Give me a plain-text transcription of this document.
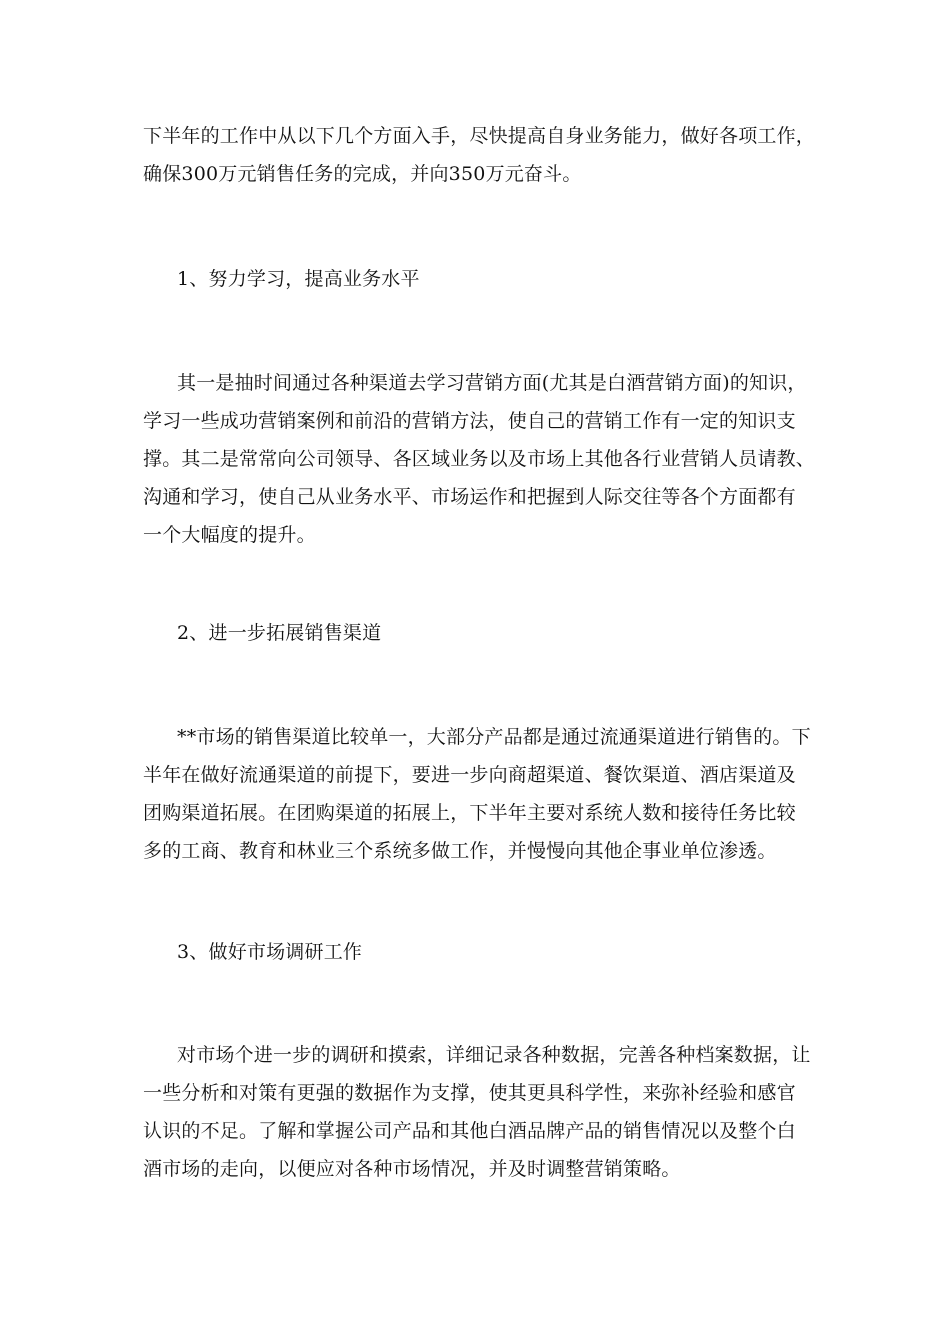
下半年的工作中从以下几个方面入手，尽快提高自身业务能力，做好各项工作，
确保300万元销售任务的完成，并向350万元奋斗。
1、努力学习，提高业务水平
其一是抽时间通过各种渠道去学习营销方面(尤其是白酒营销方面)的知识，
学习一些成功营销案例和前沿的营销方法，使自己的营销工作有一定的知识支
撑。其二是常常向公司领导、各区域业务以及市场上其他各行业营销人员请教、
沟通和学习，使自己从业务水平、市场运作和把握到人际交往等各个方面都有
一个大幅度的提升。
2、进一步拓展销售渠道
**市场的销售渠道比较单一，大部分产品都是通过流通渠道进行销售的。下
半年在做好流通渠道的前提下，要进一步向商超渠道、餐饮渠道、酒店渠道及
团购渠道拓展。在团购渠道的拓展上，下半年主要对系统人数和接待任务比较
多的工商、教育和林业三个系统多做工作，并慢慢向其他企事业单位渗透。
3、做好市场调研工作
对市场个进一步的调研和摸索，详细记录各种数据，完善各种档案数据，让
一些分析和对策有更强的数据作为支撑，使其更具科学性，来弥补经验和感官
认识的不足。了解和掌握公司产品和其他白酒品牌产品的销售情况以及整个白
酒市场的走向，以便应对各种市场情况，并及时调整营销策略。
